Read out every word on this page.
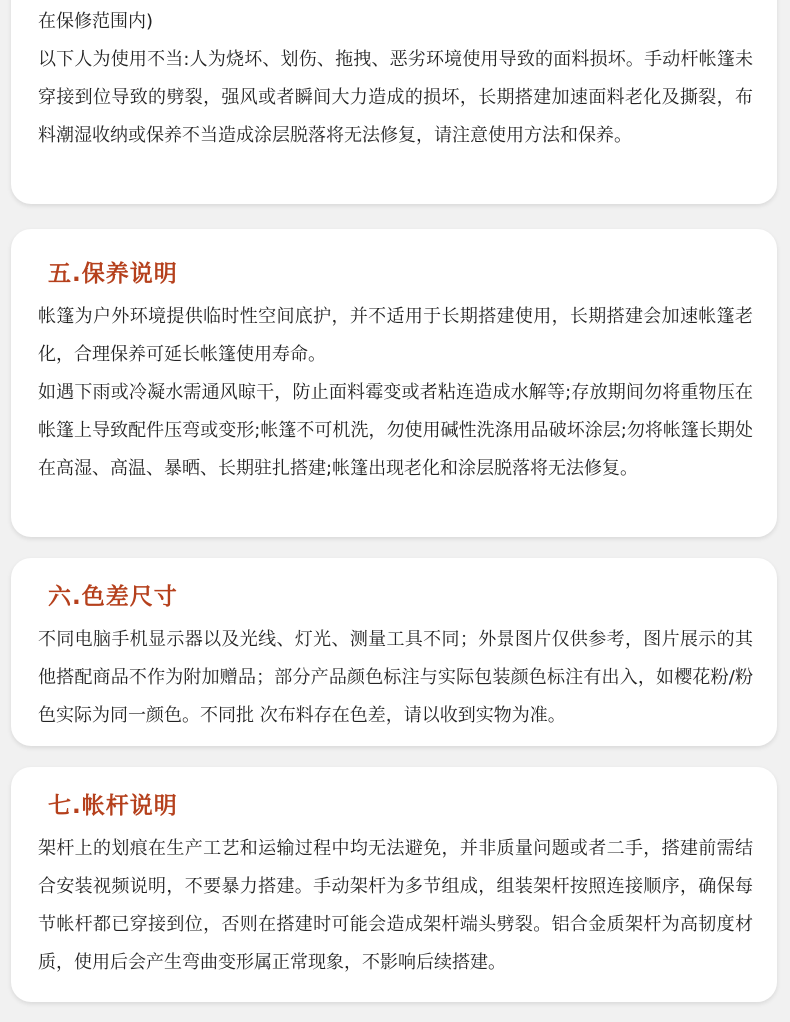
在保修范围内)

以下人为使用不当:人为烧坏、划伤、拖拽、恶劣环境使用导致的面料损坏。手动杆帐篷未穿接到位导致的劈裂，强风或者瞬间大力造成的损坏，长期搭建加速面料老化及撕裂，布料潮湿收纳或保养不当造成涂层脱落将无法修复，请注意使用方法和保养。

五.保养说明

帐篷为户外环境提供临时性空间底护，并不适用于长期搭建使用，长期搭建会加速帐篷老化，合理保养可延长帐篷使用寿命。

如遇下雨或冷凝水需通风晾干，防止面料霉变或者粘连造成水解等;存放期间勿将重物压在帐篷上导致配件压弯或变形;帐篷不可机洗，勿使用碱性洗涤用品破坏涂层;勿将帐篷长期处在高湿、高温、暴晒、长期驻扎搭建;帐篷出现老化和涂层脱落将无法修复。

六.色差尺寸

不同电脑手机显示器以及光线、灯光、测量工具不同；外景图片仅供参考，图片展示的其他搭配商品不作为附加赠品；部分产品颜色标注与实际包装颜色标注有出入，如樱花粉/粉色实际为同一颜色。不同批 次布料存在色差，请以收到实物为准。

七.帐杆说明

架杆上的划痕在生产工艺和运输过程中均无法避免，并非质量问题或者二手，搭建前需结合安装视频说明，不要暴力搭建。手动架杆为多节组成，组装架杆按照连接顺序，确保每节帐杆都已穿接到位，否则在搭建时可能会造成架杆端头劈裂。铝合金质架杆为高韧度材质，使用后会产生弯曲变形属正常现象，不影响后续搭建。
